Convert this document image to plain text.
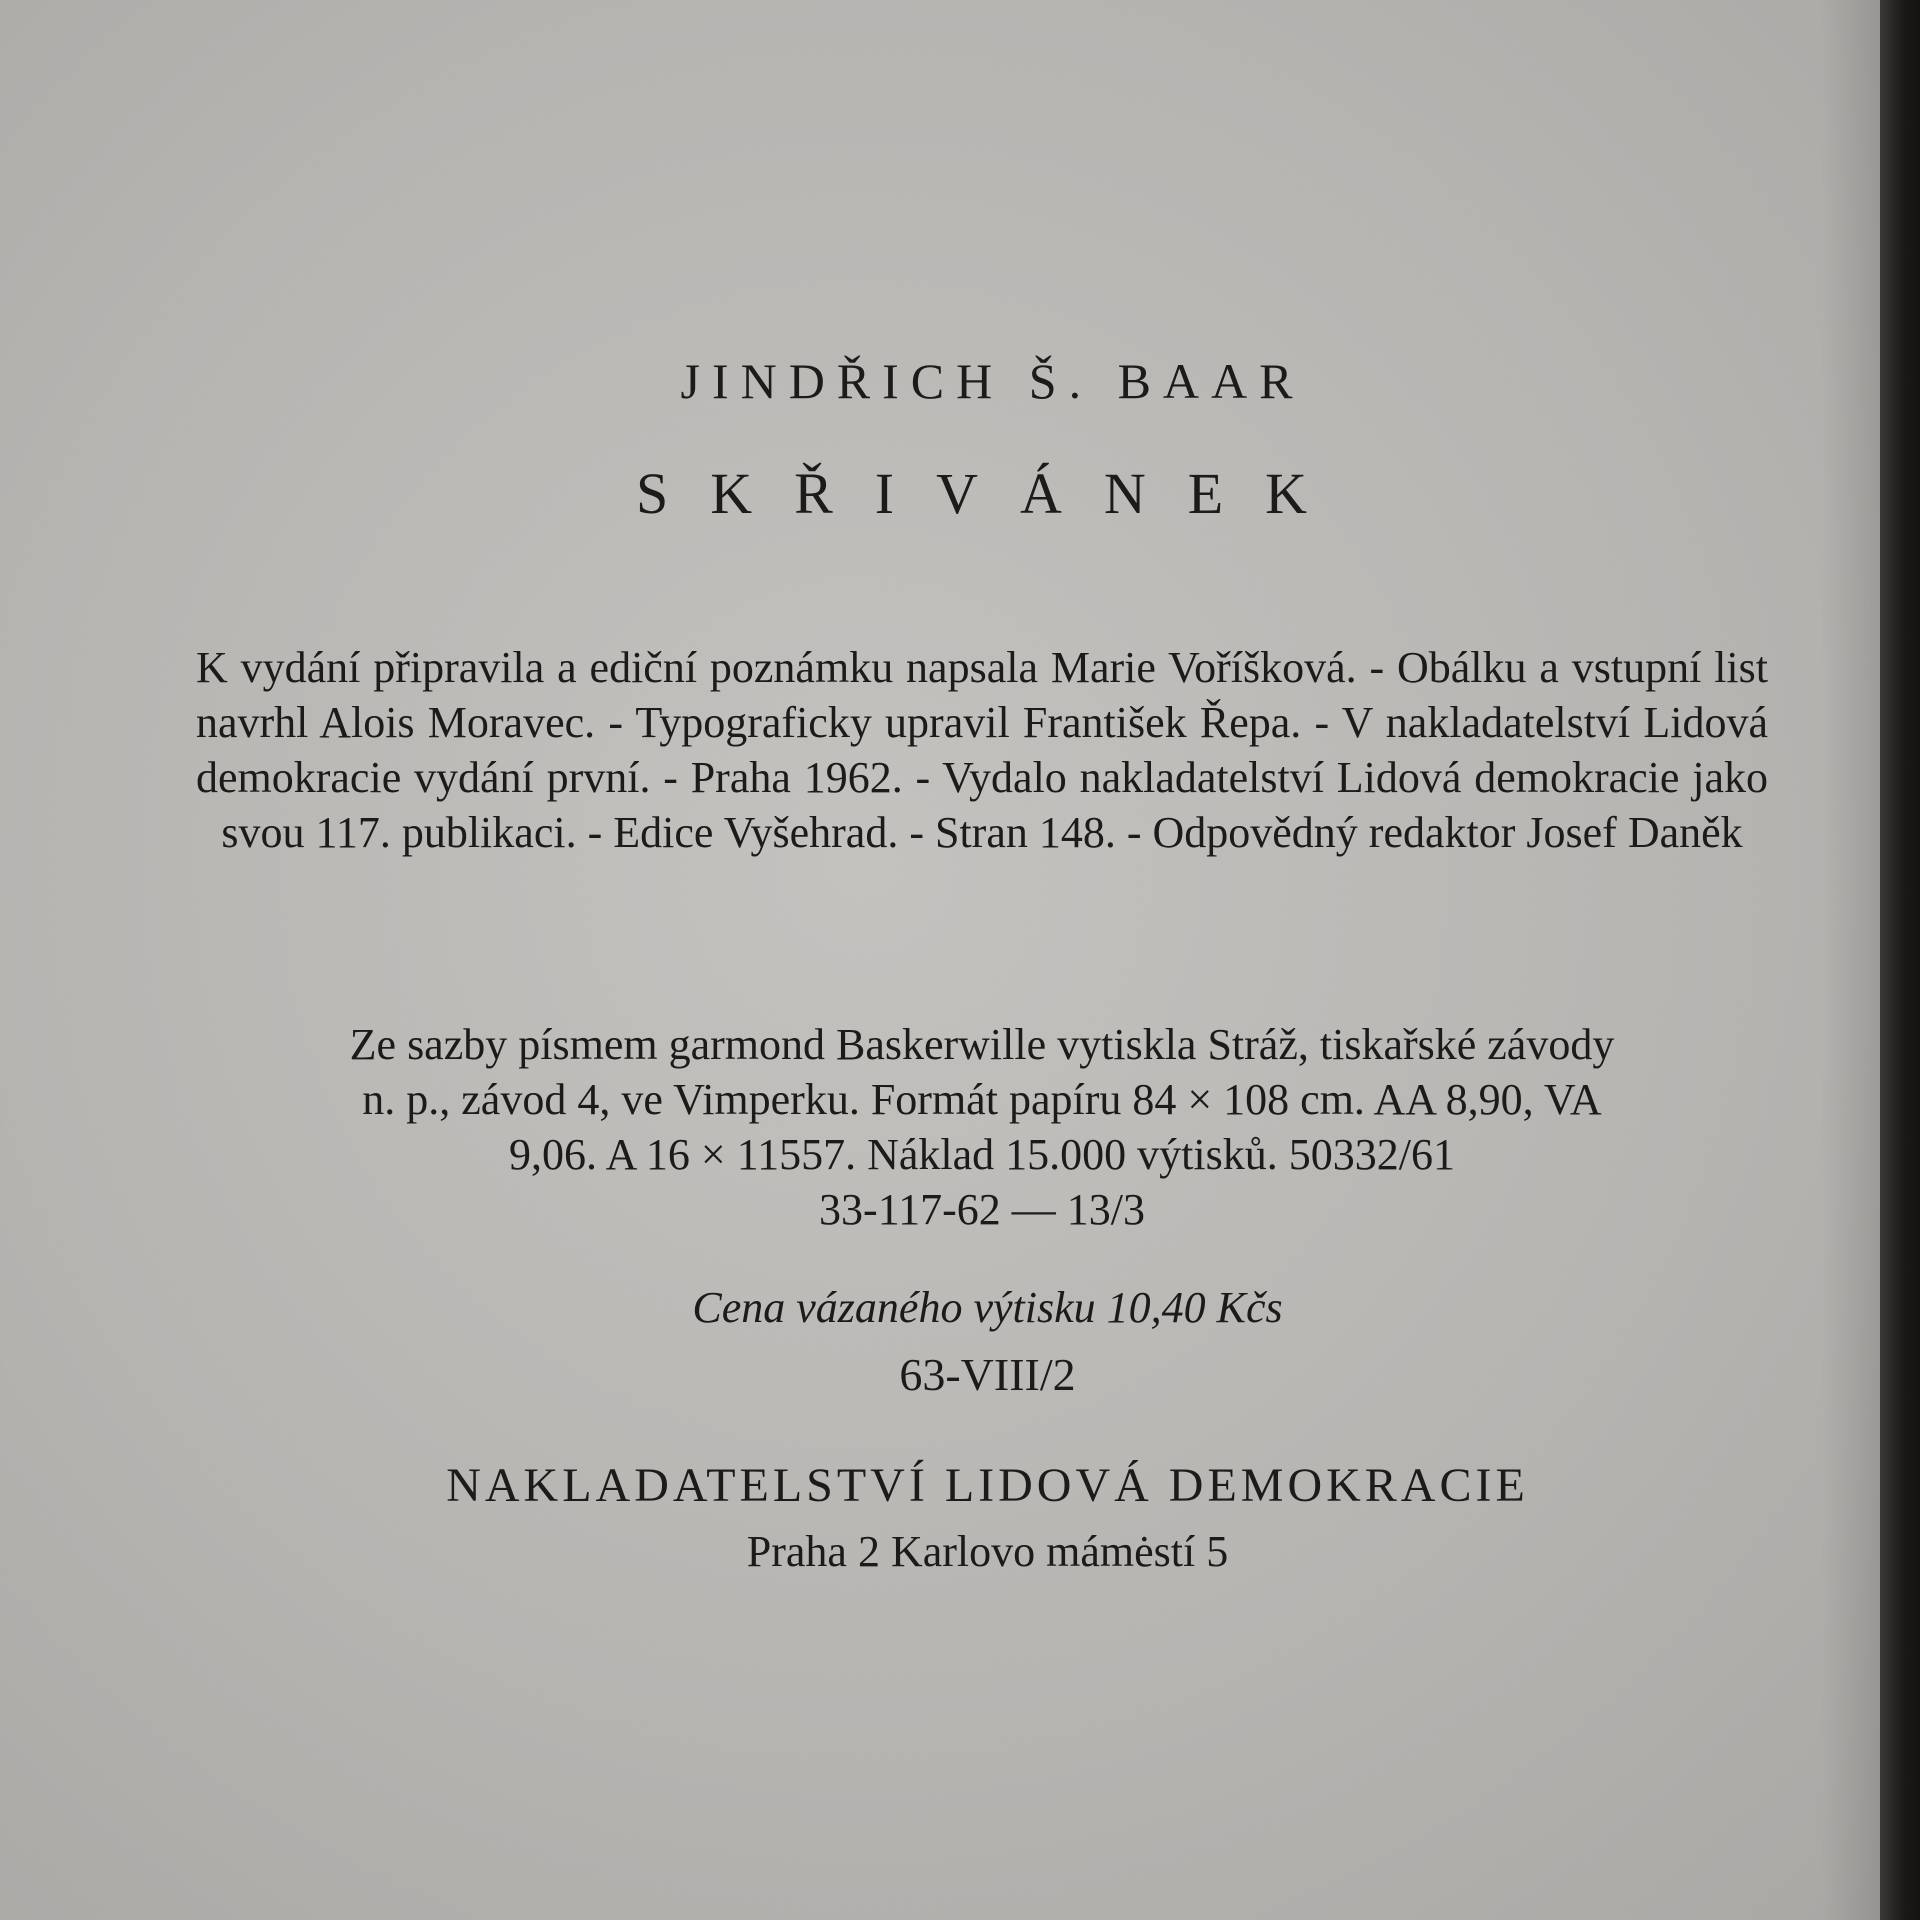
JINDŘICH Š. BAAR
SKŘIVÁNEK

K vydání připravila a ediční poznámku napsala Marie Voříšková. - Obálku a vstupní list navrhl Alois Moravec. - Typograficky upravil František Řepa. - V nakladatelství Lidová demokracie vydání první. - Praha 1962. - Vydalo nakladatelství Lidová demokracie jako svou 117. publikaci. - Edice Vyšehrad. - Stran 148. - Odpovědný redaktor Josef Daněk

Ze sazby písmem garmond Baskerwille vytiskla Stráž, tiskařské závody
n. p., závod 4, ve Vimperku. Formát papíru 84 × 108 cm. AA 8,90, VA
9,06. A 16 × 11557. Náklad 15.000 výtisků. 50332/61
33-117-62 — 13/3

Cena vázaného výtisku 10,40 Kčs

63-VIII/2

NAKLADATELSTVÍ LIDOVÁ DEMOKRACIE

Praha 2 Karlovo mámėstí 5
